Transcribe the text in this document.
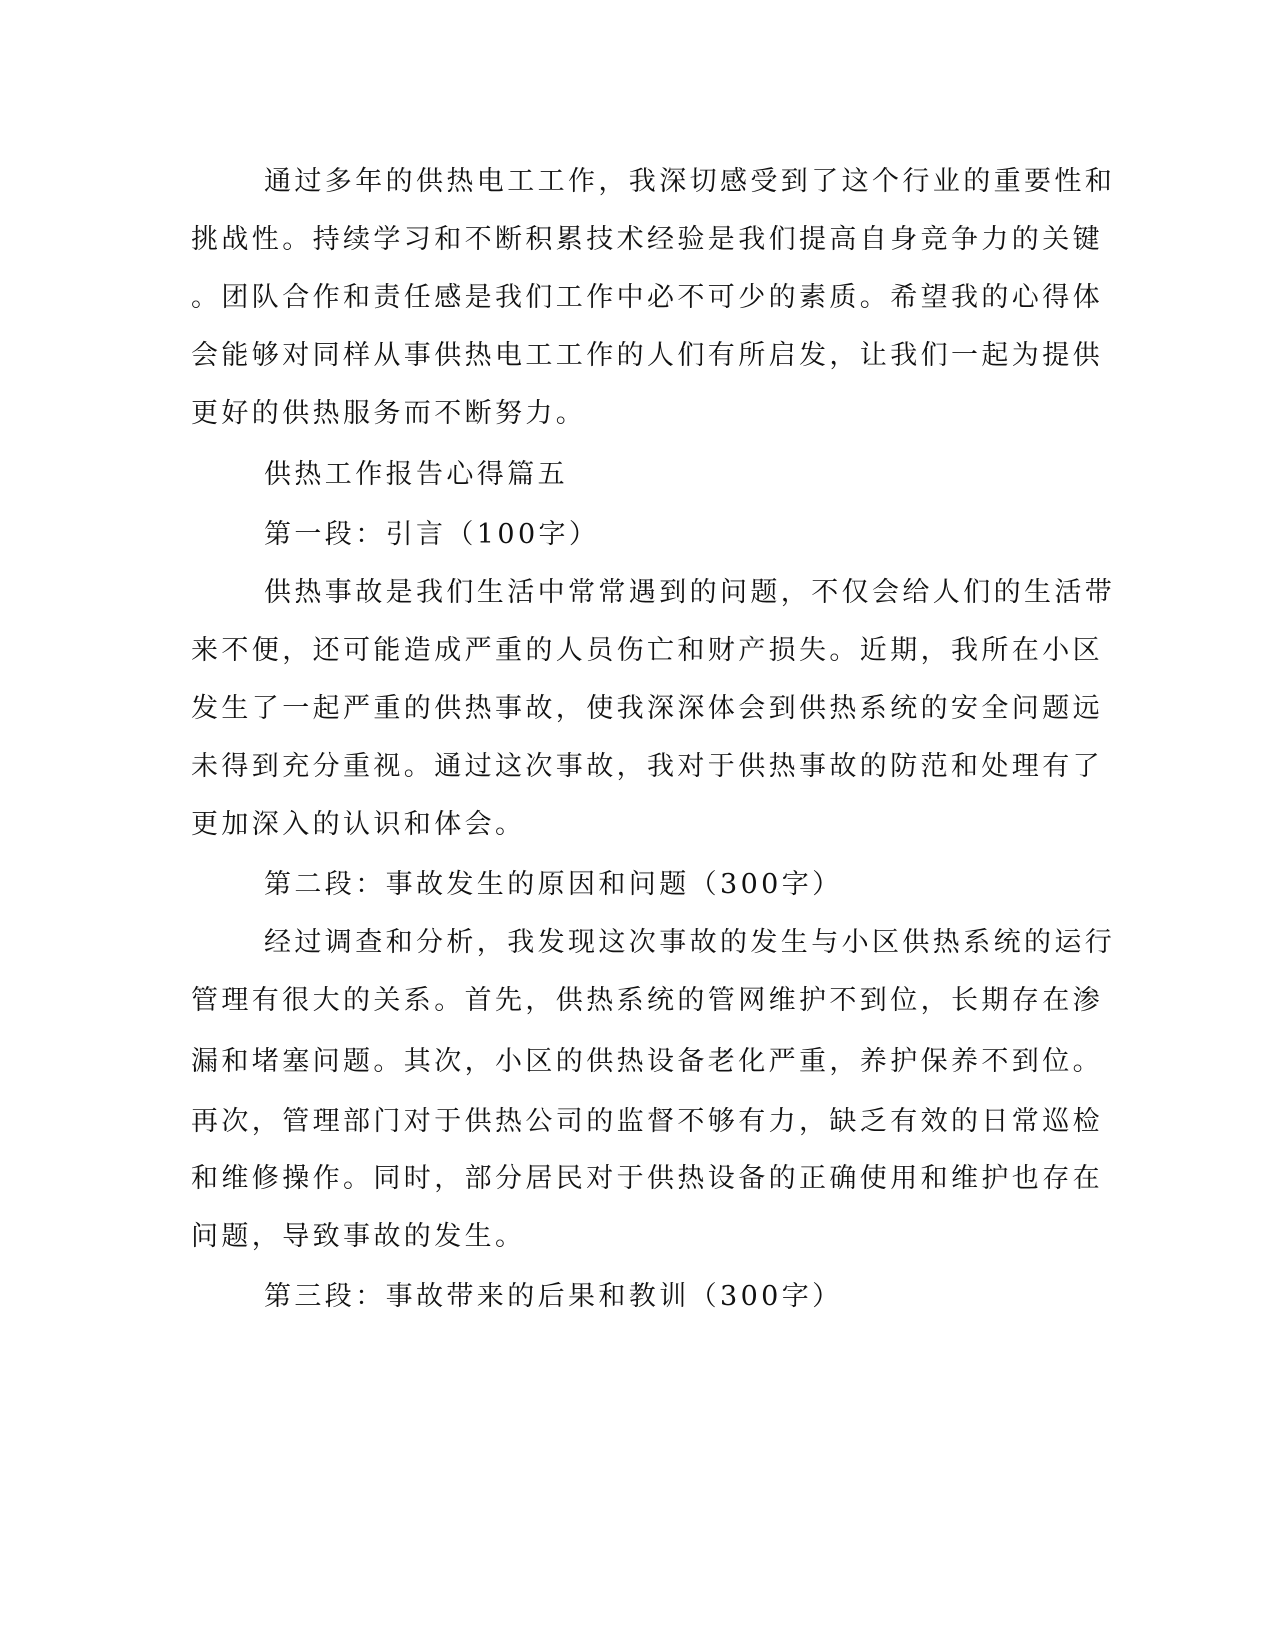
通过多年的供热电工工作，我深切感受到了这个行业的重要性和
挑战性。持续学习和不断积累技术经验是我们提高自身竞争力的关键
。团队合作和责任感是我们工作中必不可少的素质。希望我的心得体
会能够对同样从事供热电工工作的人们有所启发，让我们一起为提供
更好的供热服务而不断努力。
供热工作报告心得篇五
第一段：引言（100字）
供热事故是我们生活中常常遇到的问题，不仅会给人们的生活带
来不便，还可能造成严重的人员伤亡和财产损失。近期，我所在小区
发生了一起严重的供热事故，使我深深体会到供热系统的安全问题远
未得到充分重视。通过这次事故，我对于供热事故的防范和处理有了
更加深入的认识和体会。
第二段：事故发生的原因和问题（300字）
经过调查和分析，我发现这次事故的发生与小区供热系统的运行
管理有很大的关系。首先，供热系统的管网维护不到位，长期存在渗
漏和堵塞问题。其次，小区的供热设备老化严重，养护保养不到位。
再次，管理部门对于供热公司的监督不够有力，缺乏有效的日常巡检
和维修操作。同时，部分居民对于供热设备的正确使用和维护也存在
问题，导致事故的发生。
第三段：事故带来的后果和教训（300字）
